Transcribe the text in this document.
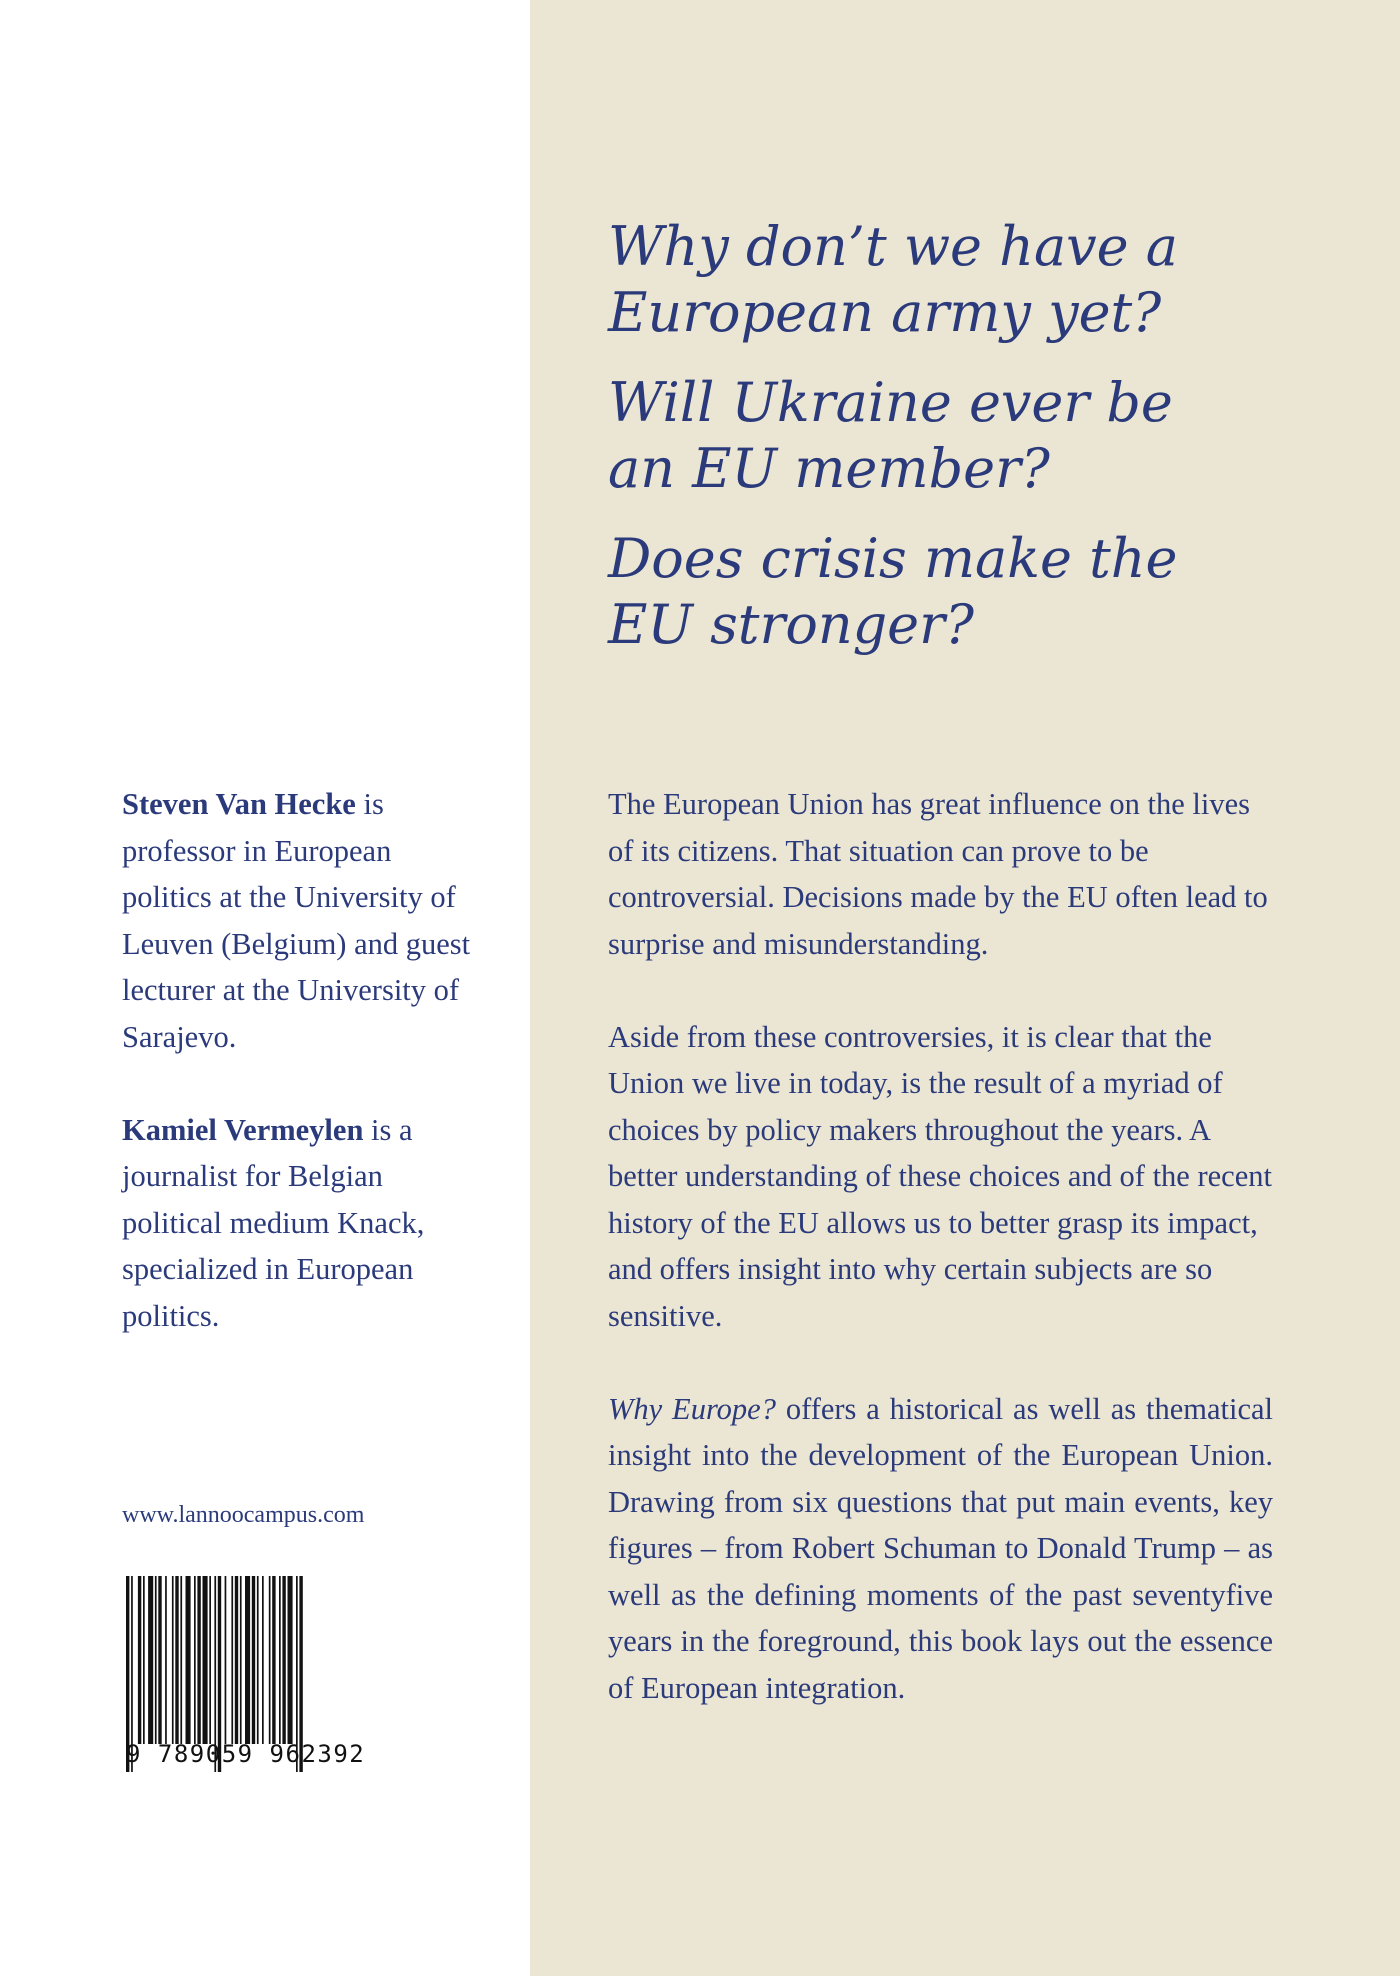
Why don’t we have a
European army yet?

Will Ukraine ever be
an EU member?

Does crisis make the
EU stronger?

The European Union has great influence on the lives of its citizens. That situation can prove to be controversial. Decisions made by the EU often lead to surprise and misunderstanding.

Aside from these controversies, it is clear that the Union we live in today, is the result of a myriad of choices by policy makers throughout the years. A better understanding of these choices and of the recent history of the EU allows us to better grasp its impact, and offers insight into why certain subjects are so sensitive.

Why Europe? offers a historical as well as thematical insight into the development of the European Union. Drawing from six questions that put main events, key figures – from Robert Schuman to Donald Trump – as well as the defining moments of the past seventyfive years in the foreground, this book lays out the essence of European integration.

Steven Van Hecke is professor in European politics at the University of Leuven (Belgium) and guest lecturer at the University of Sarajevo.

Kamiel Vermeylen is a journalist for Belgian political medium Knack, specialized in European politics.

www.lannoocampus.com
9 789059 962392
